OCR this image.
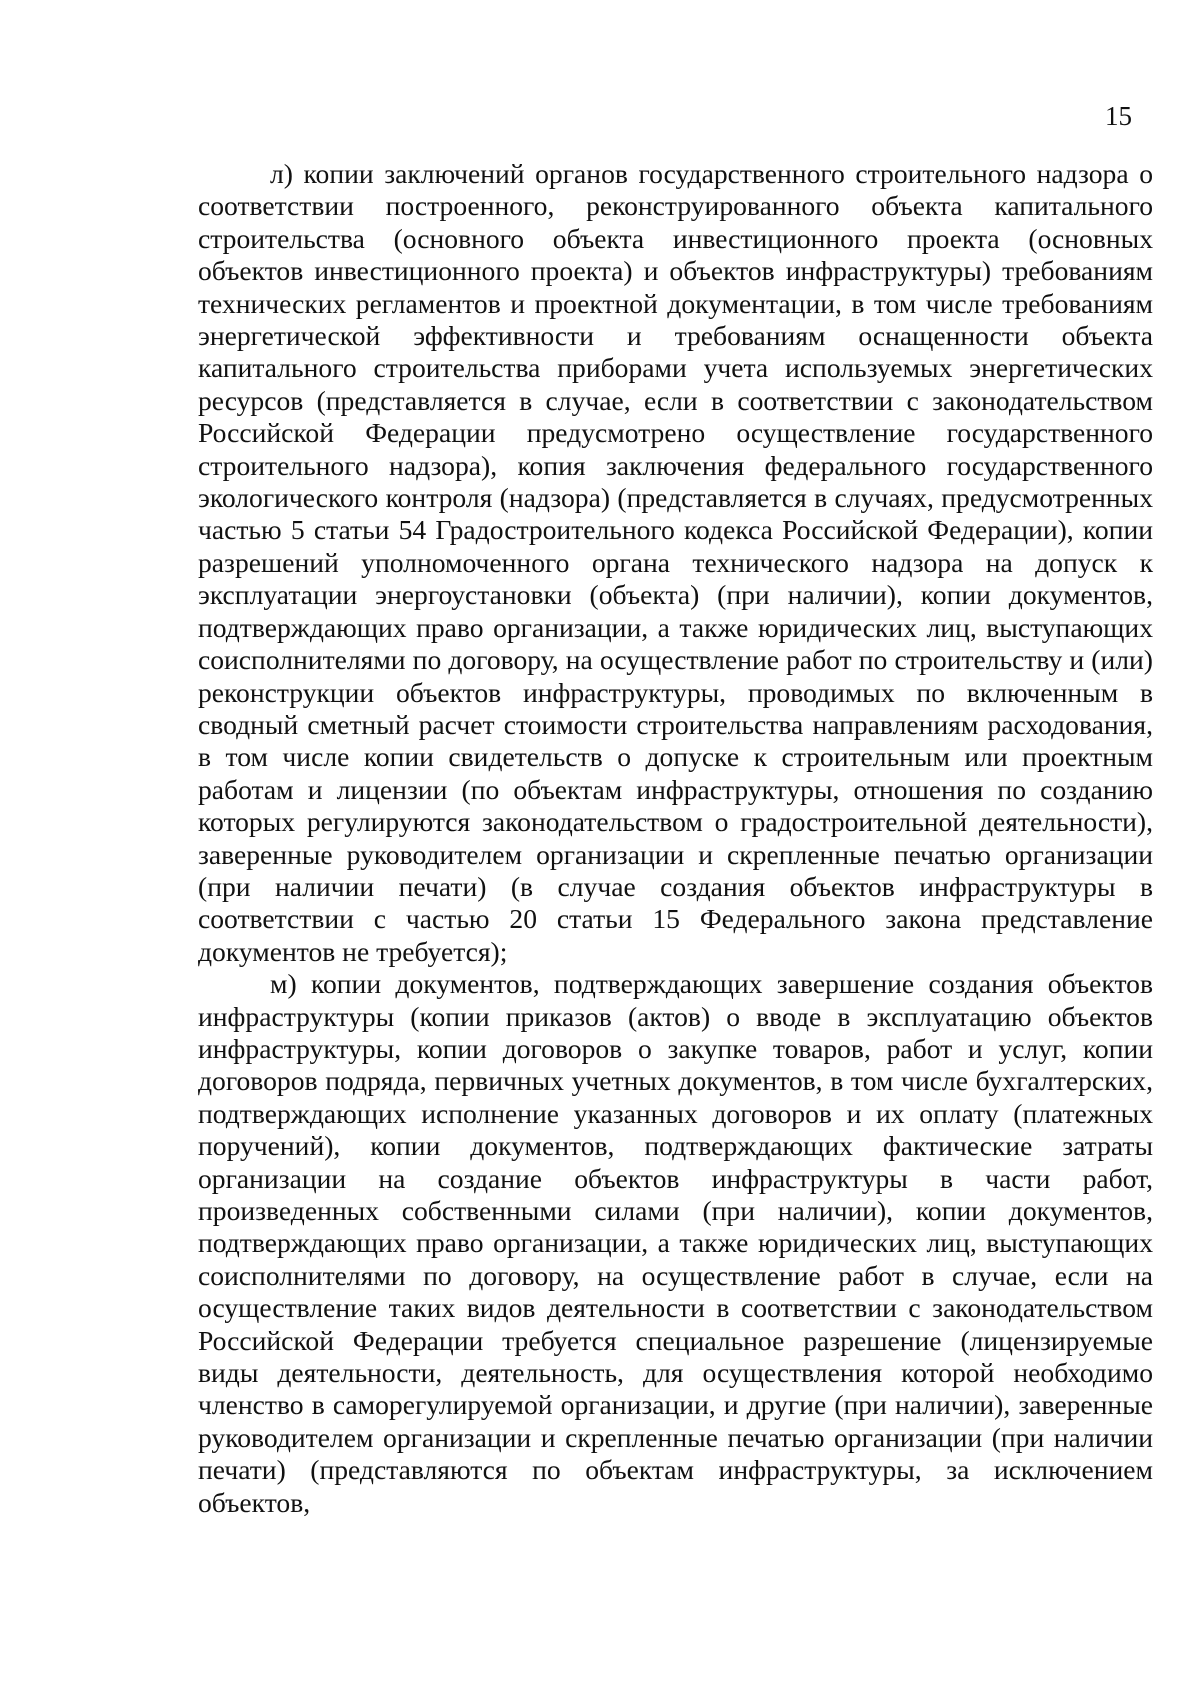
15

л) копии заключений органов государственного строительного надзора о соответствии построенного, реконструированного объекта капитального строительства (основного объекта инвестиционного проекта (основных объектов инвестиционного проекта) и объектов инфраструктуры) требованиям технических регламентов и проектной документации, в том числе требованиям энергетической эффективности и требованиям оснащенности объекта капитального строительства приборами учета используемых энергетических ресурсов (представляется в случае, если в соответствии с законодательством Российской Федерации предусмотрено осуществление государственного строительного надзора), копия заключения федерального государственного экологического контроля (надзора) (представляется в случаях, предусмотренных частью 5 статьи 54 Градостроительного кодекса Российской Федерации), копии разрешений уполномоченного органа технического надзора на допуск к эксплуатации энергоустановки (объекта) (при наличии), копии документов, подтверждающих право организации, а также юридических лиц, выступающих соисполнителями по договору, на осуществление работ по строительству и (или) реконструкции объектов инфраструктуры, проводимых по включенным в сводный сметный расчет стоимости строительства направлениям расходования, в том числе копии свидетельств о допуске к строительным или проектным работам и лицензии (по объектам инфраструктуры, отношения по созданию которых регулируются законодательством о градостроительной деятельности), заверенные руководителем организации и скрепленные печатью организации (при наличии печати) (в случае создания объектов инфраструктуры в соответствии с частью 20 статьи 15 Федерального закона представление документов не требуется);

м) копии документов, подтверждающих завершение создания объектов инфраструктуры (копии приказов (актов) о вводе в эксплуатацию объектов инфраструктуры, копии договоров о закупке товаров, работ и услуг, копии договоров подряда, первичных учетных документов, в том числе бухгалтерских, подтверждающих исполнение указанных договоров и их оплату (платежных поручений), копии документов, подтверждающих фактические затраты организации на создание объектов инфраструктуры в части работ, произведенных собственными силами (при наличии), копии документов, подтверждающих право организации, а также юридических лиц, выступающих соисполнителями по договору, на осуществление работ в случае, если на осуществление таких видов деятельности в соответствии с законодательством Российской Федерации требуется специальное разрешение (лицензируемые виды деятельности, деятельность, для осуществления которой необходимо членство в саморегулируемой организации, и другие (при наличии), заверенные руководителем организации и скрепленные печатью организации (при наличии печати) (представляются по объектам инфраструктуры, за исключением объектов,
